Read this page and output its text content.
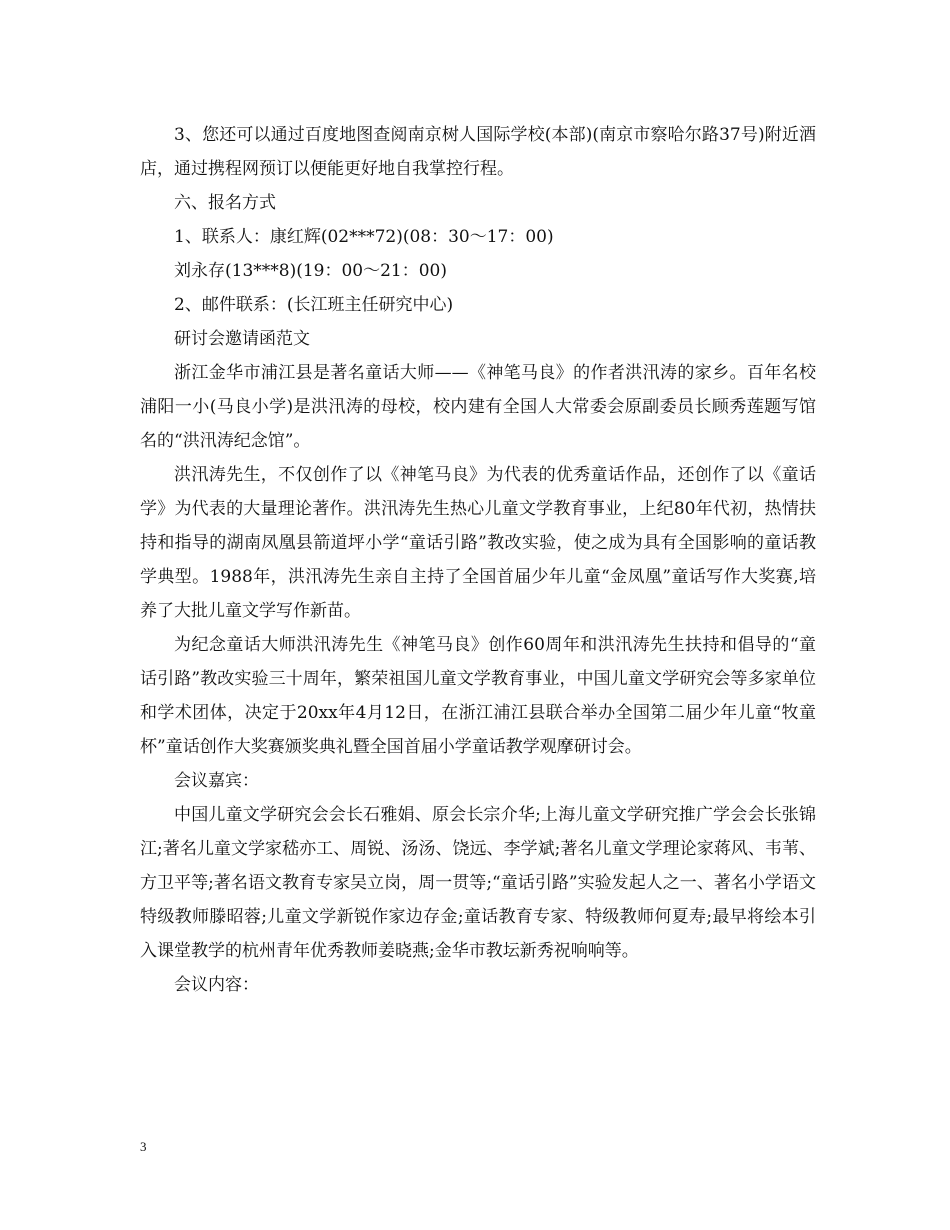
3、您还可以通过百度地图查阅南京树人国际学校(本部)(南京市察哈尔路37号)附近酒店，通过携程网预订以便能更好地自我掌控行程。

六、报名方式

1、联系人：康红辉(02***72)(08：30～17：00)

刘永存(13***8)(19：00～21：00)

2、邮件联系：(长江班主任研究中心)

研讨会邀请函范文

浙江金华市浦江县是著名童话大师——《神笔马良》的作者洪汛涛的家乡。百年名校浦阳一小(马良小学)是洪汛涛的母校，校内建有全国人大常委会原副委员长顾秀莲题写馆名的“洪汛涛纪念馆”。

洪汛涛先生，不仅创作了以《神笔马良》为代表的优秀童话作品，还创作了以《童话学》为代表的大量理论著作。洪汛涛先生热心儿童文学教育事业，上纪80年代初，热情扶持和指导的湖南凤凰县箭道坪小学“童话引路”教改实验，使之成为具有全国影响的童话教学典型。1988年，洪汛涛先生亲自主持了全国首届少年儿童“金凤凰”童话写作大奖赛,培养了大批儿童文学写作新苗。

为纪念童话大师洪汛涛先生《神笔马良》创作60周年和洪汛涛先生扶持和倡导的“童话引路”教改实验三十周年，繁荣祖国儿童文学教育事业，中国儿童文学研究会等多家单位和学术团体，决定于20xx年4月12日，在浙江浦江县联合举办全国第二届少年儿童“牧童杯”童话创作大奖赛颁奖典礼暨全国首届小学童话教学观摩研讨会。

会议嘉宾：

中国儿童文学研究会会长石雅娟、原会长宗介华;上海儿童文学研究推广学会会长张锦江;著名儿童文学家嵇亦工、周锐、汤汤、饶远、李学斌;著名儿童文学理论家蒋风、韦苇、方卫平等;著名语文教育专家吴立岗，周一贯等;“童话引路”实验发起人之一、著名小学语文特级教师滕昭蓉;儿童文学新锐作家边存金;童话教育专家、特级教师何夏寿;最早将绘本引入课堂教学的杭州青年优秀教师姜晓燕;金华市教坛新秀祝响响等。

会议内容：

3
